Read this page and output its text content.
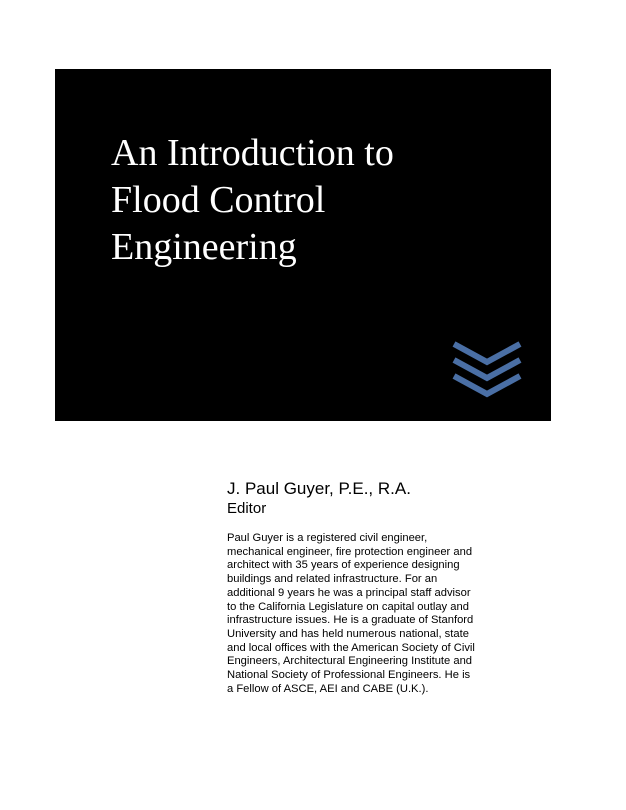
An Introduction to
Flood Control
Engineering
J. Paul Guyer, P.E., R.A.
Editor
Paul Guyer is a registered civil engineer,
mechanical engineer, fire protection engineer and
architect with 35 years of experience designing
buildings and related infrastructure. For an
additional 9 years he was a principal staff advisor
to the California Legislature on capital outlay and
infrastructure issues. He is a graduate of Stanford
University and has held numerous national, state
and local offices with the American Society of Civil
Engineers, Architectural Engineering Institute and
National Society of Professional Engineers. He is
a Fellow of ASCE, AEI and CABE (U.K.).
